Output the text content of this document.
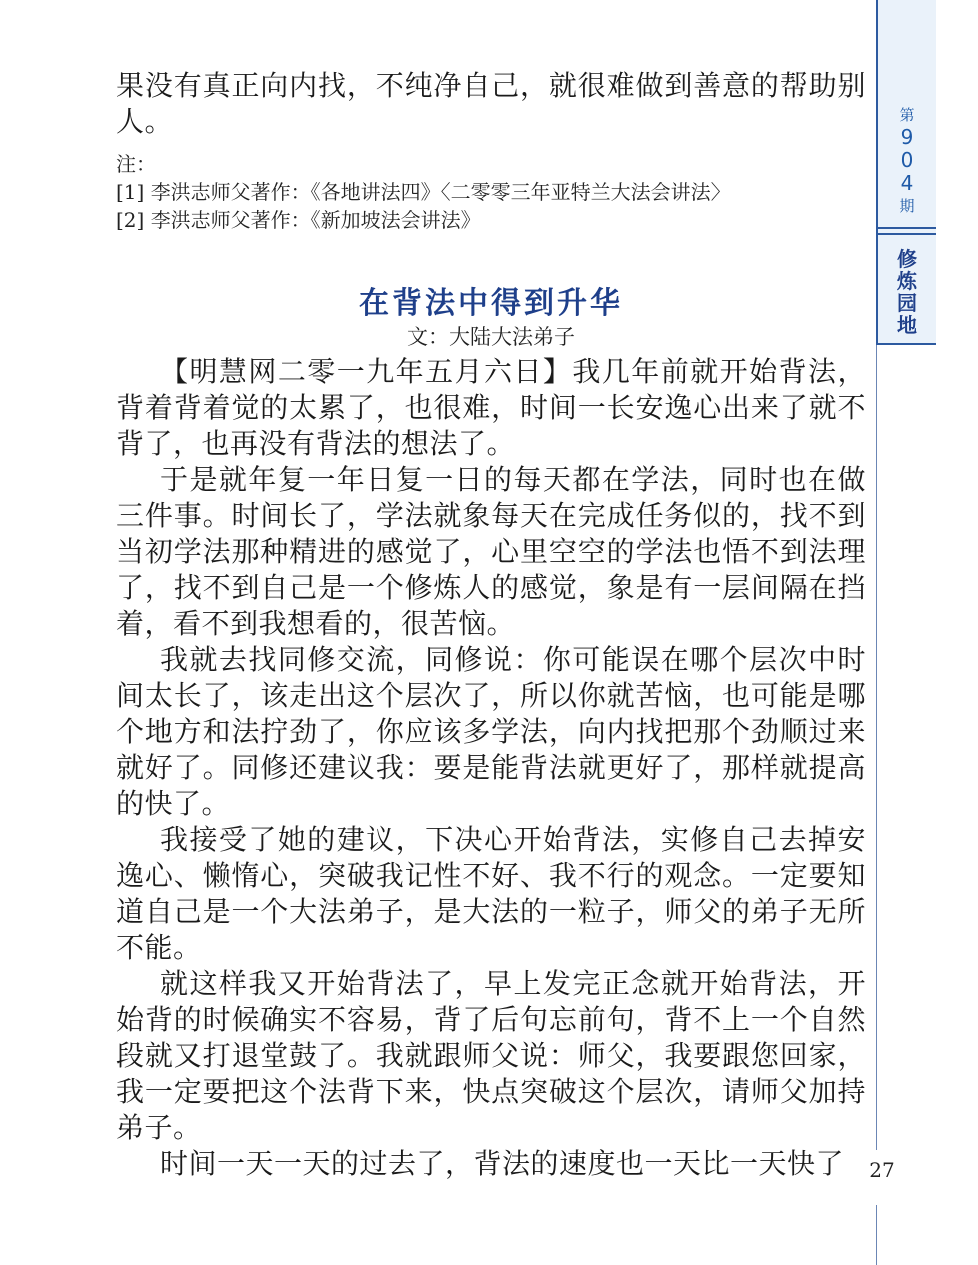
果没有真正向内找，不纯净自己，就很难做到善意的帮助别人。

注：

[1] 李洪志师父著作：《各地讲法四》〈二零零三年亚特兰大法会讲法〉

[2] 李洪志师父著作：《新加坡法会讲法》

在背法中得到升华

文：大陆大法弟子

【明慧网二零一九年五月六日】我几年前就开始背法，背着背着觉的太累了，也很难，时间一长安逸心出来了就不背了，也再没有背法的想法了。

于是就年复一年日复一日的每天都在学法，同时也在做三件事。时间长了，学法就象每天在完成任务似的，找不到当初学法那种精进的感觉了，心里空空的学法也悟不到法理了，找不到自己是一个修炼人的感觉，象是有一层间隔在挡着，看不到我想看的，很苦恼。

我就去找同修交流，同修说：你可能误在哪个层次中时间太长了，该走出这个层次了，所以你就苦恼，也可能是哪个地方和法拧劲了，你应该多学法，向内找把那个劲顺过来就好了。同修还建议我：要是能背法就更好了，那样就提高的快了。

我接受了她的建议，下决心开始背法，实修自己去掉安逸心、懒惰心，突破我记性不好、我不行的观念。一定要知道自己是一个大法弟子，是大法的一粒子，师父的弟子无所不能。

就这样我又开始背法了，早上发完正念就开始背法，开始背的时候确实不容易，背了后句忘前句，背不上一个自然段就又打退堂鼓了。我就跟师父说：师父，我要跟您回家，我一定要把这个法背下来，快点突破这个层次，请师父加持弟子。

时间一天一天的过去了，背法的速度也一天比一天快了

第
9
0
4
期
修
炼
园
地
27
